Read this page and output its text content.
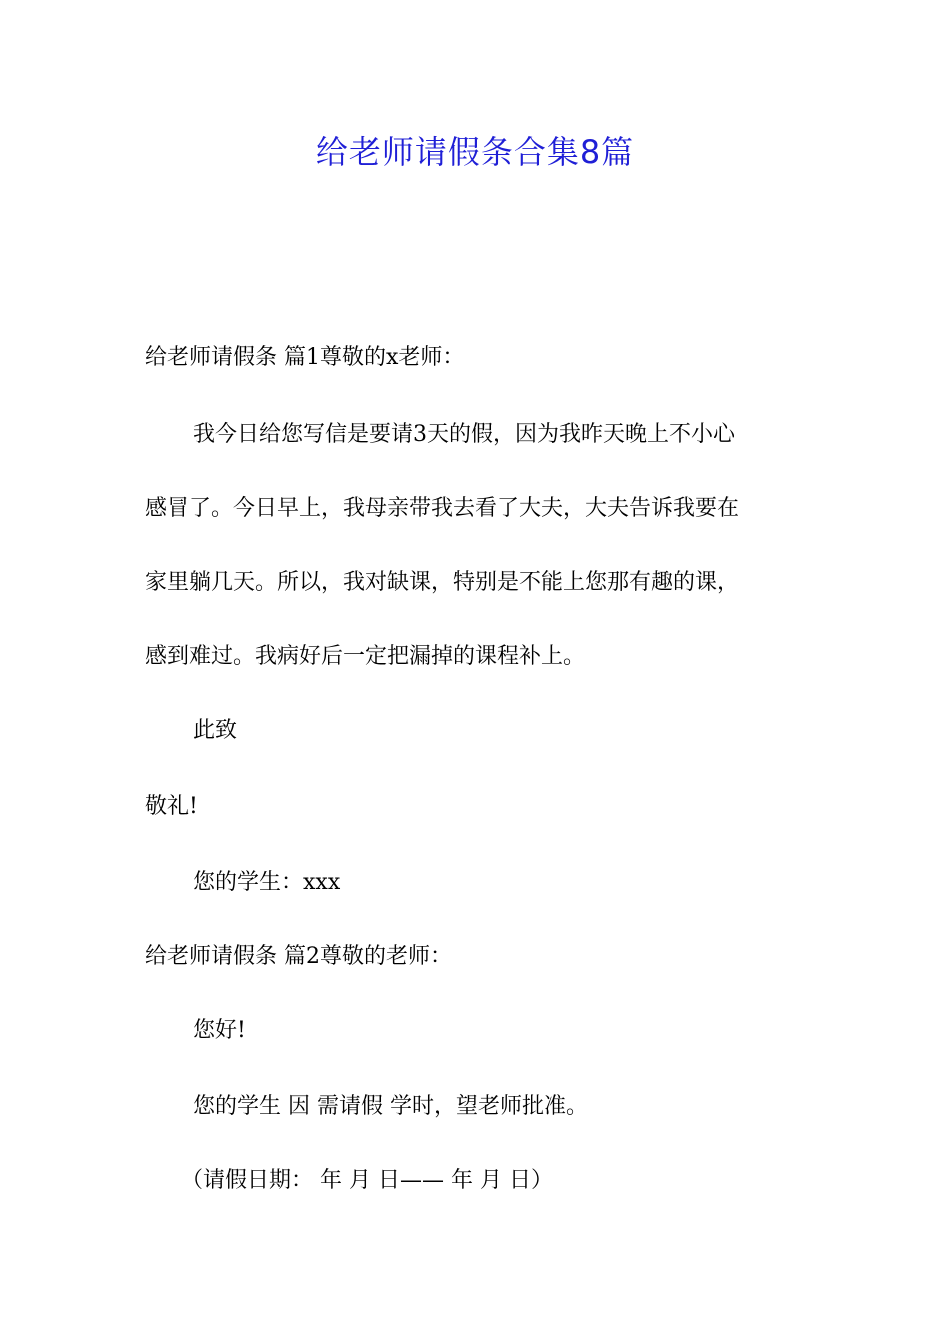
给老师请假条合集8篇
给老师请假条 篇1尊敬的x老师：
我今日给您写信是要请3天的假，因为我昨天晚上不小心
感冒了。今日早上，我母亲带我去看了大夫，大夫告诉我要在
家里躺几天。所以，我对缺课，特别是不能上您那有趣的课，
感到难过。我病好后一定把漏掉的课程补上。
此致
敬礼!
您的学生：xxx
给老师请假条 篇2尊敬的老师：
您好!
您的学生 因 需请假 学时，望老师批准。
（请假日期： 年 月 日—— 年 月 日）
